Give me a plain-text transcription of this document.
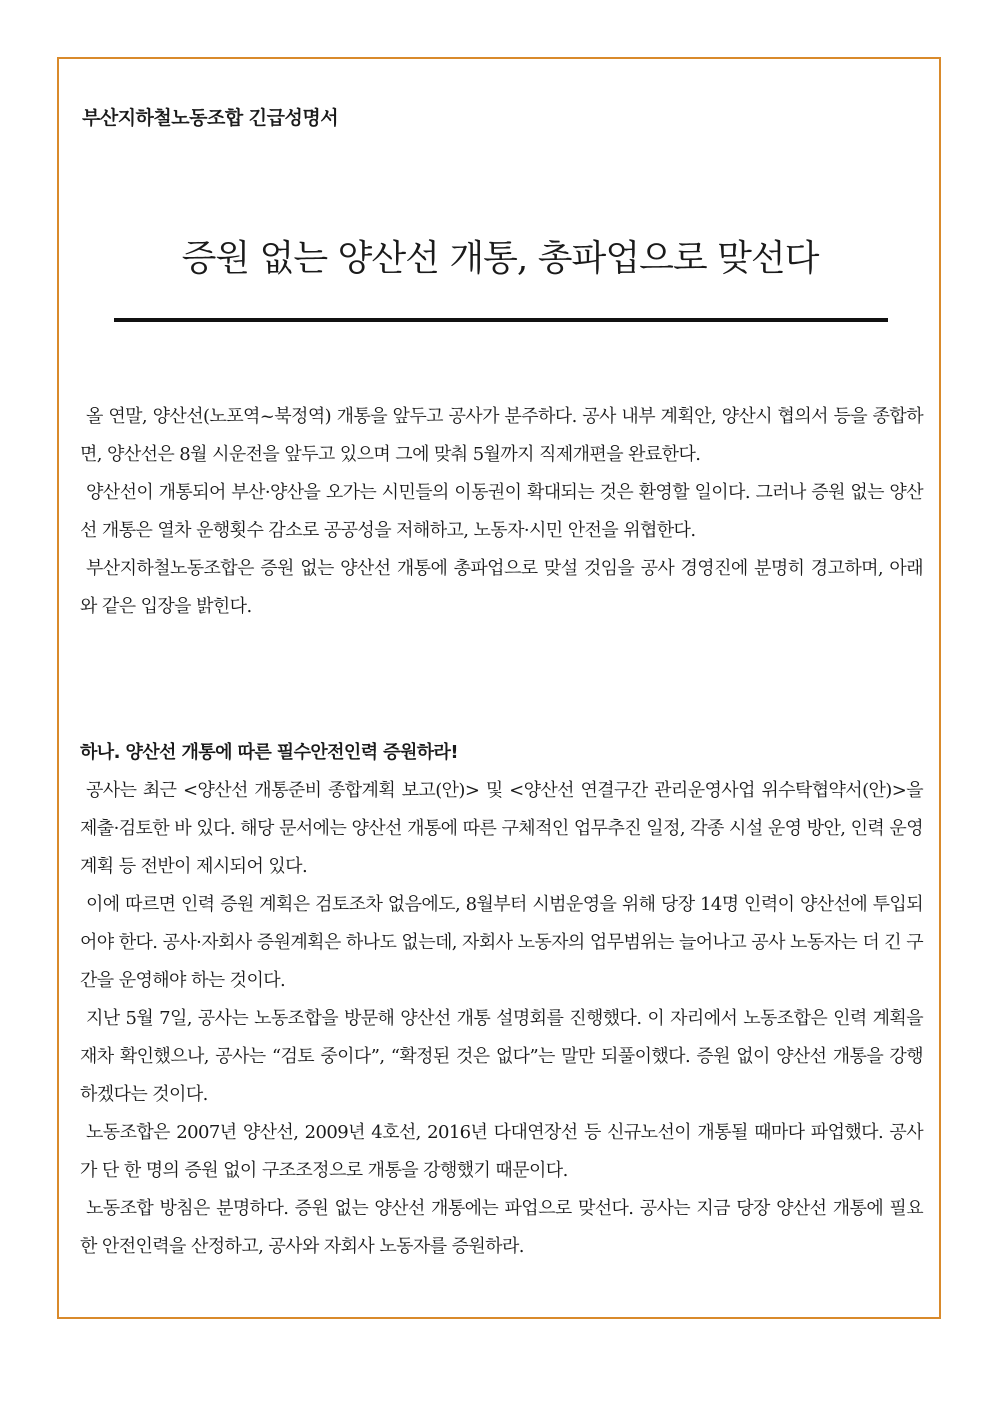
부산지하철노동조합 긴급성명서
증원 없는 양산선 개통, 총파업으로 맞선다

올 연말, 양산선(노포역~북정역) 개통을 앞두고 공사가 분주하다. 공사 내부 계획안, 양산시 협의서 등을 종합하면, 양산선은 8월 시운전을 앞두고 있으며 그에 맞춰 5월까지 직제개편을 완료한다.

양산선이 개통되어 부산·양산을 오가는 시민들의 이동권이 확대되는 것은 환영할 일이다. 그러나 증원 없는 양산선 개통은 열차 운행횟수 감소로 공공성을 저해하고, 노동자·시민 안전을 위협한다.

부산지하철노동조합은 증원 없는 양산선 개통에 총파업으로 맞설 것임을 공사 경영진에 분명히 경고하며, 아래와 같은 입장을 밝힌다.

하나. 양산선 개통에 따른 필수안전인력 증원하라!

공사는 최근 <양산선 개통준비 종합계획 보고(안)> 및 <양산선 연결구간 관리운영사업 위수탁협약서(안)>을 제출·검토한 바 있다. 해당 문서에는 양산선 개통에 따른 구체적인 업무추진 일정, 각종 시설 운영 방안, 인력 운영계획 등 전반이 제시되어 있다.

이에 따르면 인력 증원 계획은 검토조차 없음에도, 8월부터 시범운영을 위해 당장 14명 인력이 양산선에 투입되어야 한다. 공사·자회사 증원계획은 하나도 없는데, 자회사 노동자의 업무범위는 늘어나고 공사 노동자는 더 긴 구간을 운영해야 하는 것이다.

지난 5월 7일, 공사는 노동조합을 방문해 양산선 개통 설명회를 진행했다. 이 자리에서 노동조합은 인력 계획을 재차 확인했으나, 공사는 “검토 중이다”, “확정된 것은 없다”는 말만 되풀이했다. 증원 없이 양산선 개통을 강행하겠다는 것이다.

노동조합은 2007년 양산선, 2009년 4호선, 2016년 다대연장선 등 신규노선이 개통될 때마다 파업했다. 공사가 단 한 명의 증원 없이 구조조정으로 개통을 강행했기 때문이다.

노동조합 방침은 분명하다. 증원 없는 양산선 개통에는 파업으로 맞선다. 공사는 지금 당장 양산선 개통에 필요한 안전인력을 산정하고, 공사와 자회사 노동자를 증원하라.
